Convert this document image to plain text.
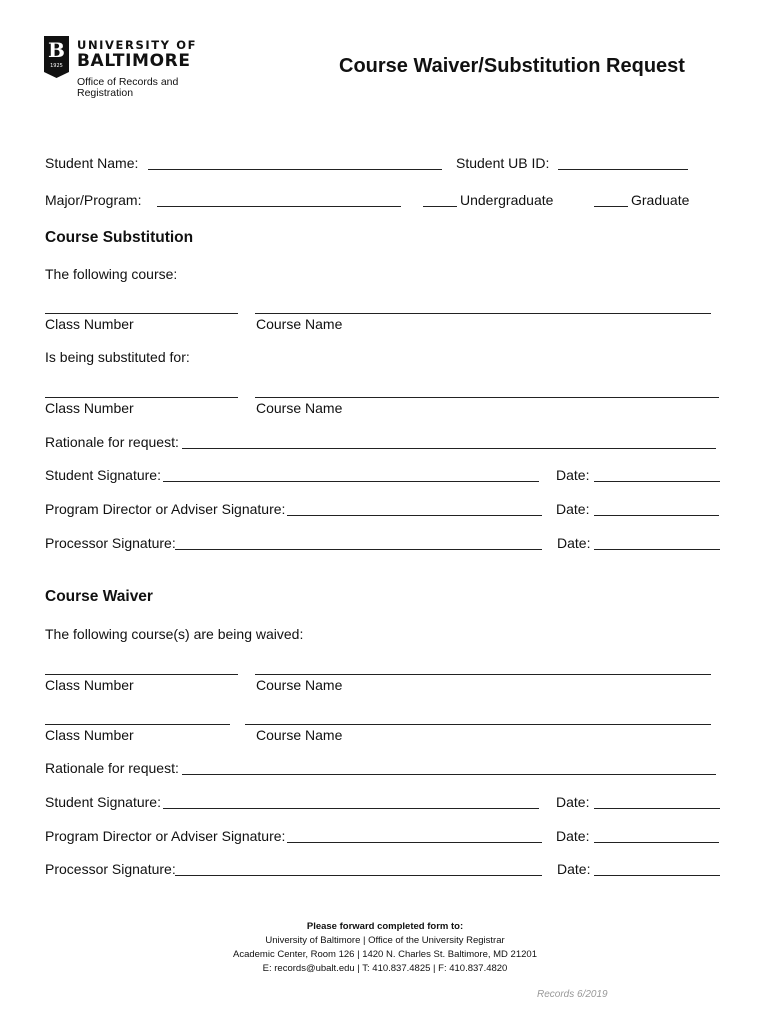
B
1925
UNIVERSITY OF
BALTIMORE
Office of Records and
Registration
Course Waiver/Substitution Request
Student Name:	Student UB ID:
Major/Program:	Undergraduate	Graduate
Course Substitution
The following course:
Class Number	Course Name
Is being substituted for:
Class Number	Course Name
Rationale for request:
Student Signature:	Date:
Program Director or Adviser Signature:	Date:
Processor Signature:	Date:
Course Waiver
The following course(s) are being waived:
Class Number	Course Name
Class Number	Course Name
Rationale for request:
Student Signature:	Date:
Program Director or Adviser Signature:	Date:
Processor Signature:	Date:
Please forward completed form to:
University of Baltimore | Office of the University Registrar
Academic Center, Room 126 | 1420 N. Charles St. Baltimore, MD 21201
E: records@ubalt.edu | T: 410.837.4825 | F: 410.837.4820
Records 6/2019
